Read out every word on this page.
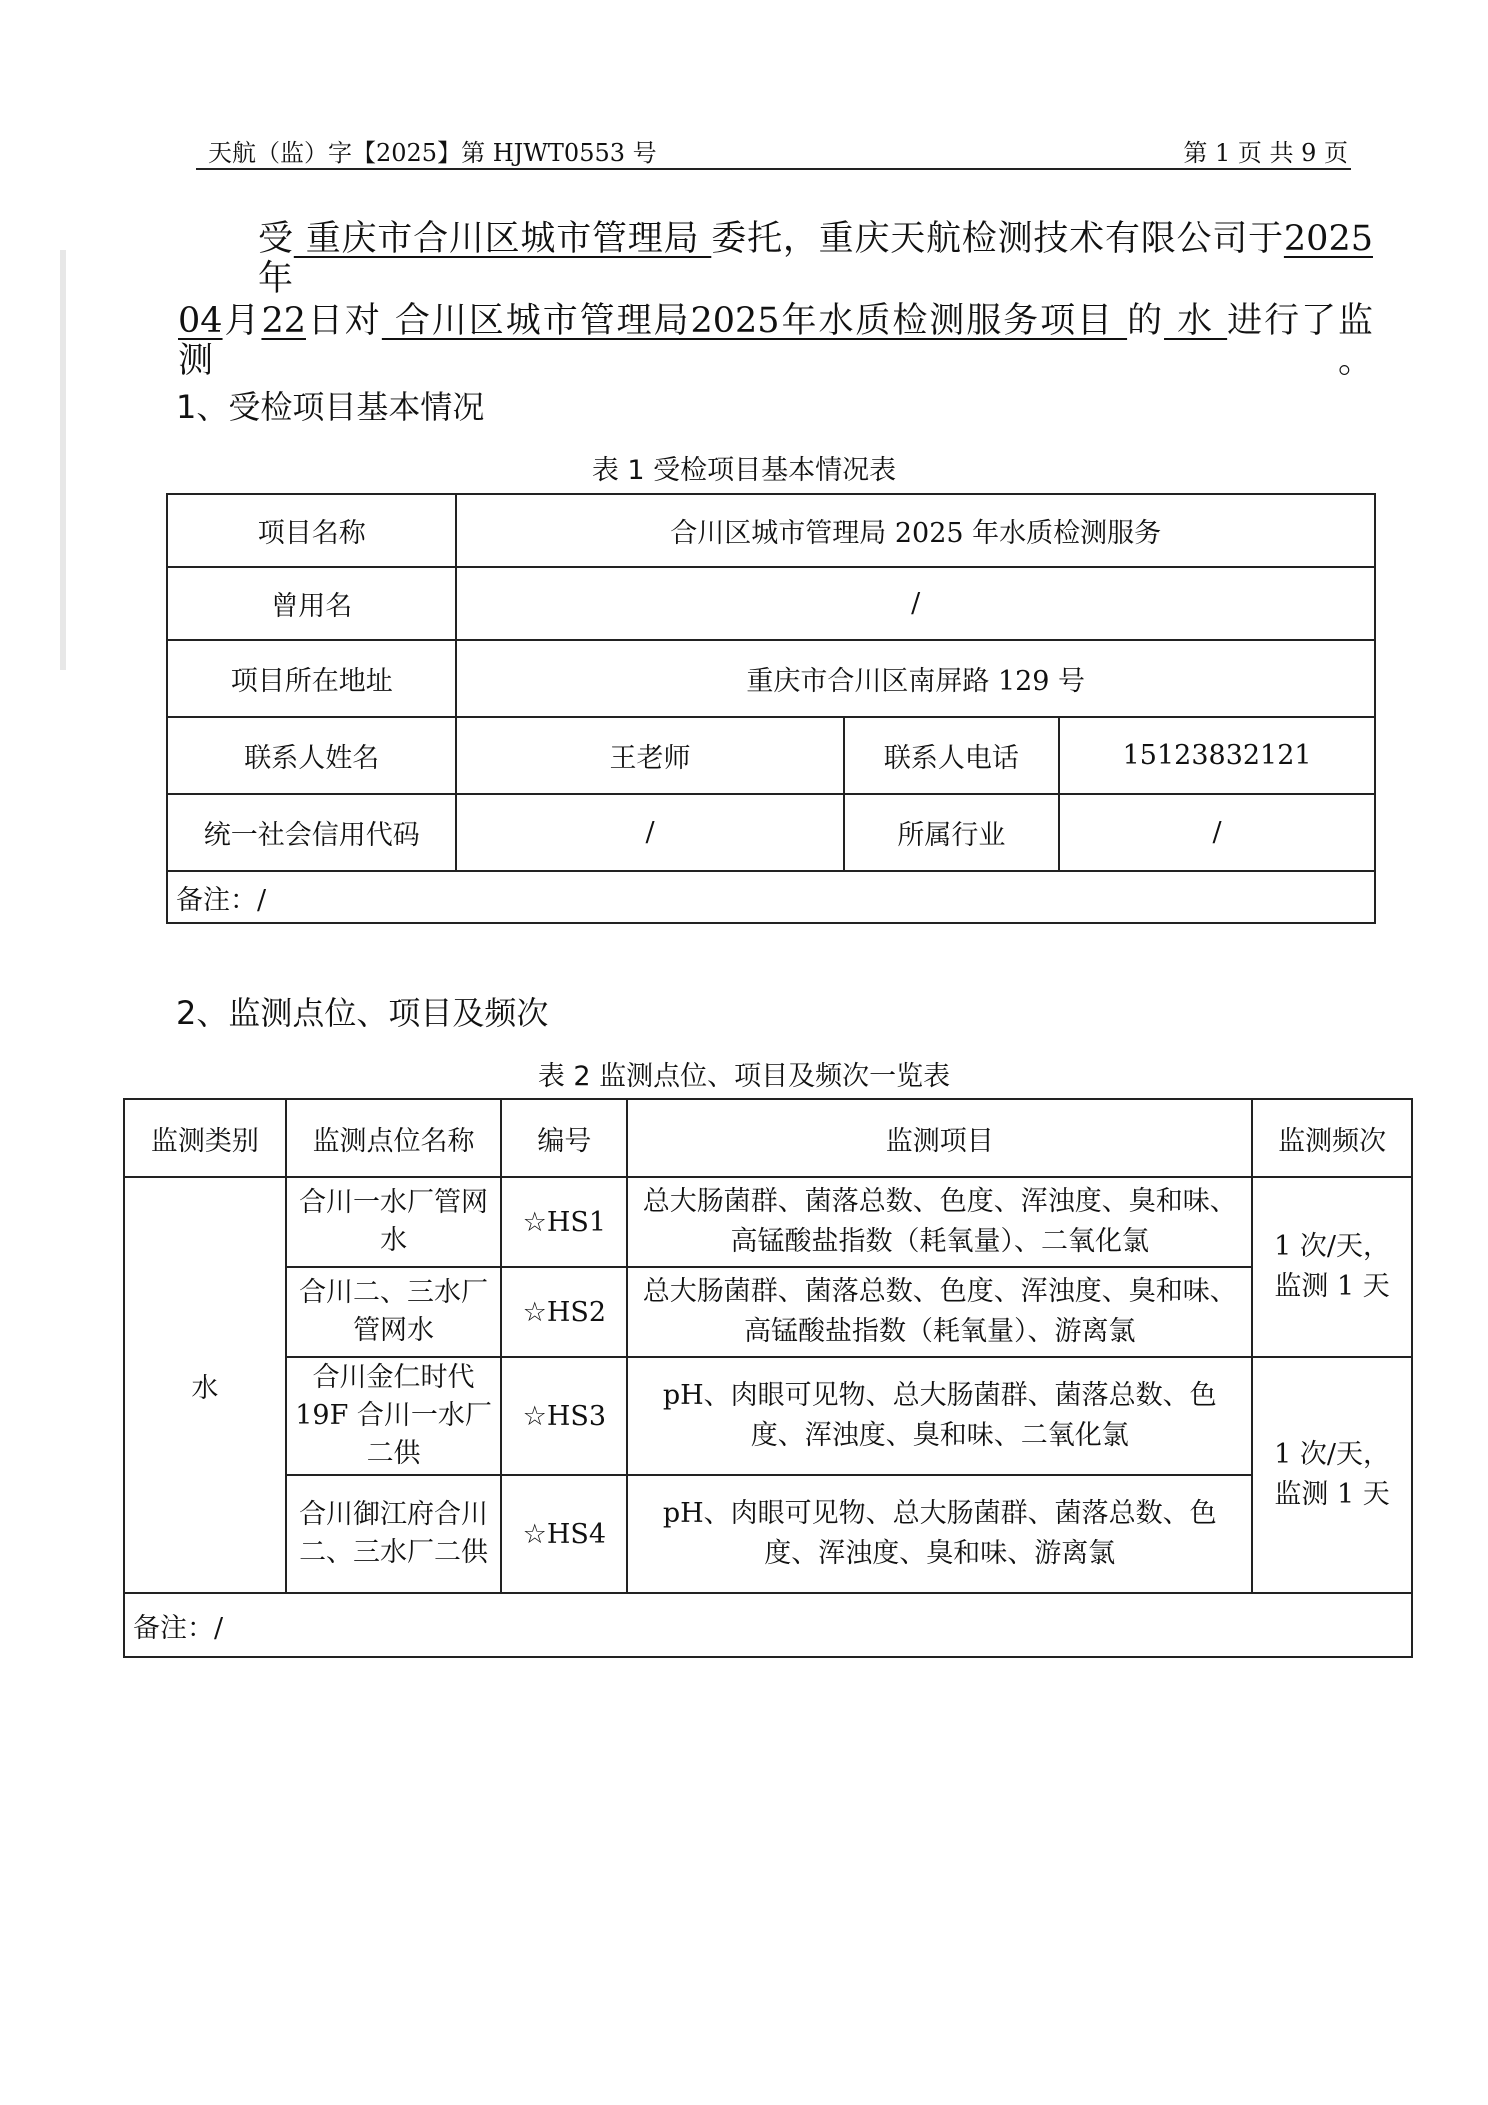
天航（监）字【2025】第 HJWT0553 号	第 1 页 共 9 页
受 重庆市合川区城市管理局 委托，重庆天航检测技术有限公司于2025年
04月22日对 合川区城市管理局2025年水质检测服务项目 的 水 进行了监测。
1、受检项目基本情况
表 1 受检项目基本情况表
项目名称	合川区城市管理局 2025 年水质检测服务		
曾用名	/		
项目所在地址	重庆市合川区南屏路 129 号		
联系人姓名	王老师	联系人电话	15123832121
统一社会信用代码	/	所属行业	/
备注：/			
2、监测点位、项目及频次
表 2 监测点位、项目及频次一览表
监测类别	监测点位名称	编号	监测项目	监测频次
水	合川一水厂管网水	☆HS1	总大肠菌群、菌落总数、色度、浑浊度、臭和味、高锰酸盐指数（耗氧量）、二氧化氯	1 次/天，监测 1 天
	合川二、三水厂管网水	☆HS2	总大肠菌群、菌落总数、色度、浑浊度、臭和味、高锰酸盐指数（耗氧量）、游离氯	
	合川金仁时代19F 合川一水厂二供	☆HS3	pH、肉眼可见物、总大肠菌群、菌落总数、色度、浑浊度、臭和味、二氧化氯	1 次/天，监测 1 天
	合川御江府合川二、三水厂二供	☆HS4	pH、肉眼可见物、总大肠菌群、菌落总数、色度、浑浊度、臭和味、游离氯	
备注：/				
